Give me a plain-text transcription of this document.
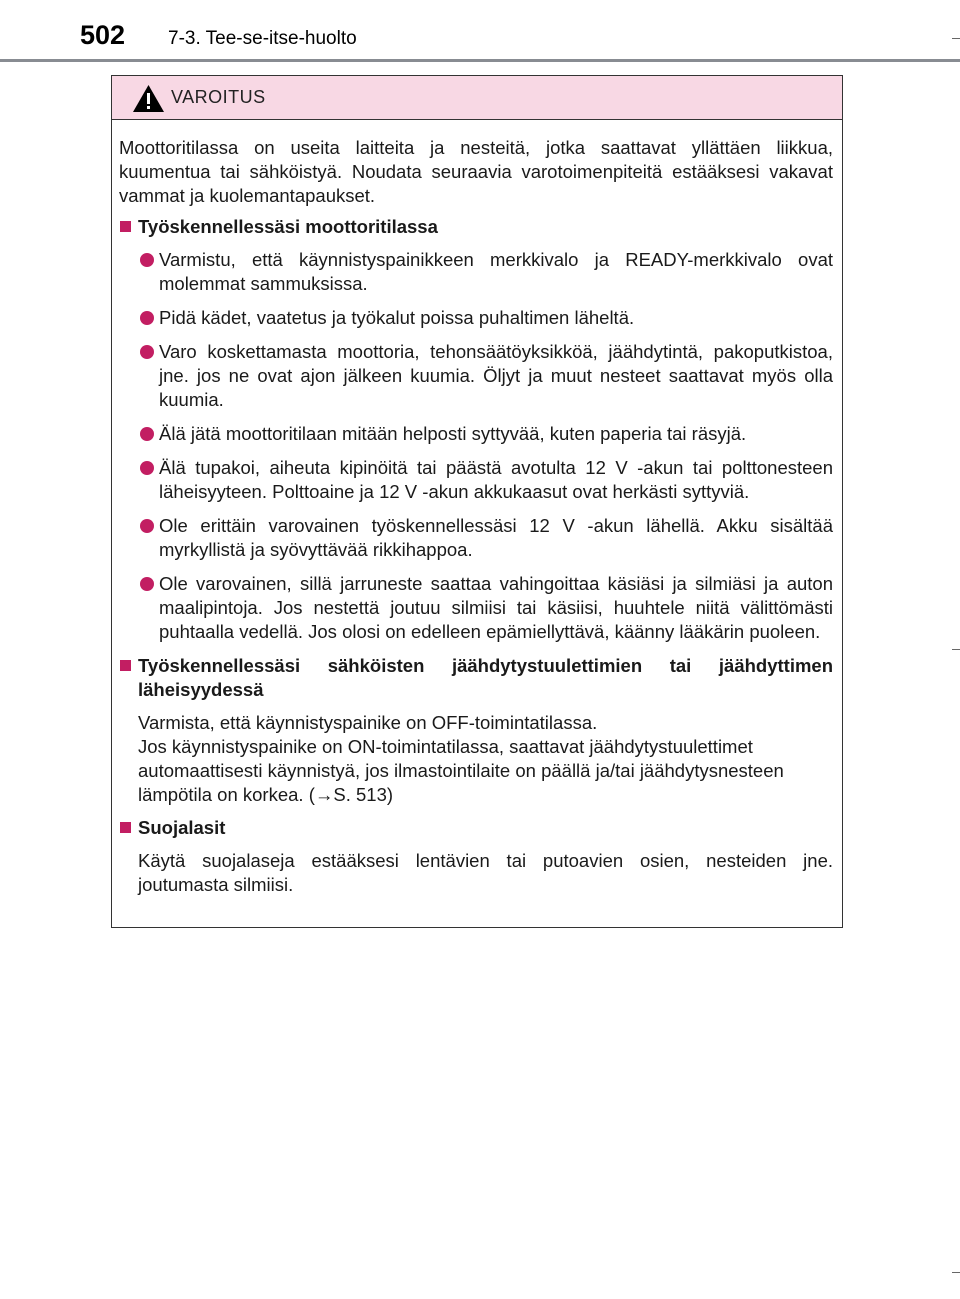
502 7-3. Tee-se-itse-huolto
VAROITUS

Moottoritilassa on useita laitteita ja nesteitä, jotka saattavat yllättäen liikkua, kuumentua tai sähköistyä. Noudata seuraavia varotoimenpiteitä estääksesi vakavat vammat ja kuolemantapaukset.

Työskennellessäsi moottoritilassa
Varmistu, että käynnistyspainikkeen merkkivalo ja READY-merkkivalo ovat molemmat sammuksissa.
Pidä kädet, vaatetus ja työkalut poissa puhaltimen läheltä.
Varo koskettamasta moottoria, tehonsäätöyksikköä, jäähdytintä, pakoputkistoa, jne. jos ne ovat ajon jälkeen kuumia. Öljyt ja muut nesteet saattavat myös olla kuumia.
Älä jätä moottoritilaan mitään helposti syttyvää, kuten paperia tai räsyjä.
Älä tupakoi, aiheuta kipinöitä tai päästä avotulta 12 V -akun tai polttonesteen läheisyyteen. Polttoaine ja 12 V -akun akkukaasut ovat herkästi syttyviä.
Ole erittäin varovainen työskennellessäsi 12 V -akun lähellä. Akku sisältää myrkyllistä ja syövyttävää rikkihappoa.
Ole varovainen, sillä jarruneste saattaa vahingoittaa käsiäsi ja silmiäsi ja auton maalipintoja. Jos nestettä joutuu silmiisi tai käsiisi, huuhtele niitä välittömästi puhtaalla vedellä. Jos olosi on edelleen epämiellyttävä, käänny lääkärin puoleen.
Työskennellessäsi sähköisten jäähdytystuulettimien tai jäähdyttimen läheisyydessä
Varmista, että käynnistyspainike on OFF-toimintatilassa.
Jos käynnistyspainike on ON-toimintatilassa, saattavat jäähdytystuulettimet automaattisesti käynnistyä, jos ilmastointilaite on päällä ja/tai jäähdytysnesteen lämpötila on korkea. (→S. 513)
Suojalasit
Käytä suojalaseja estääksesi lentävien tai putoavien osien, nesteiden jne. joutumasta silmiisi.
